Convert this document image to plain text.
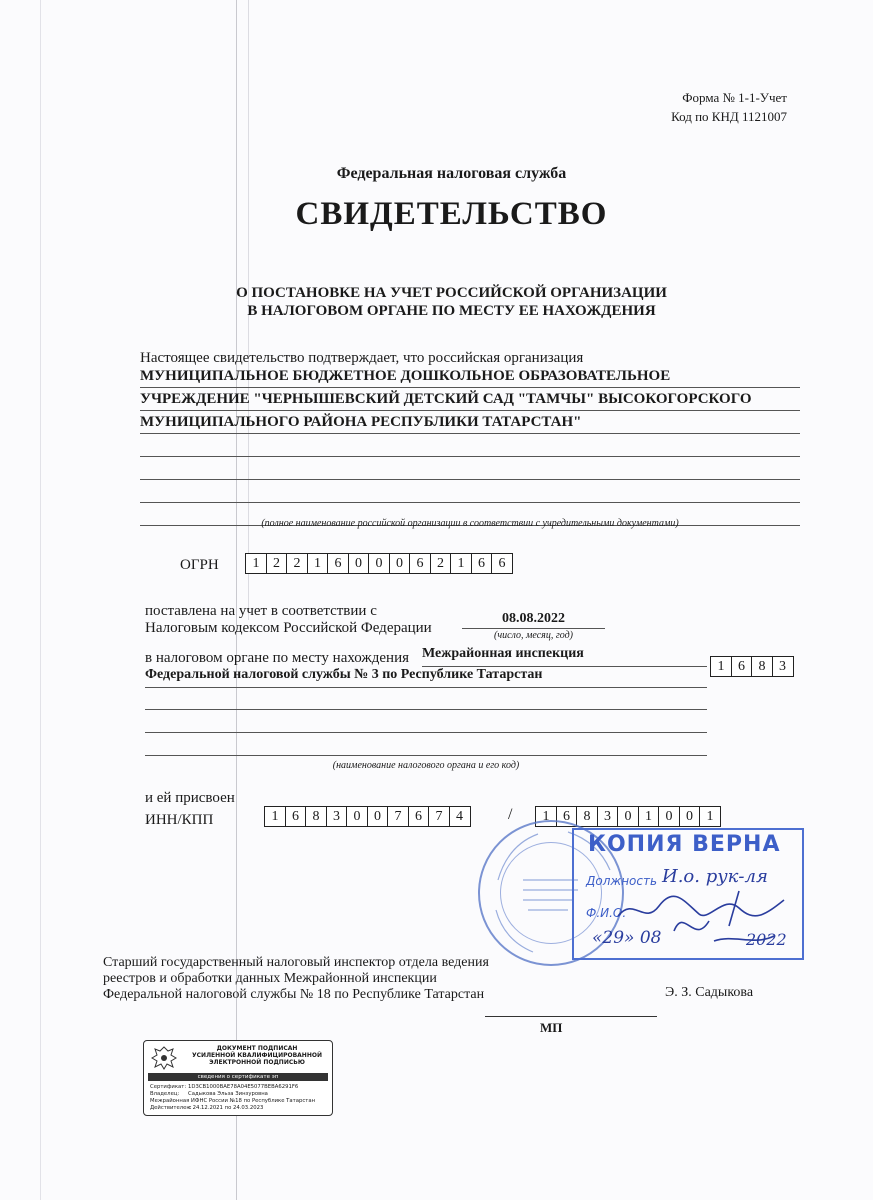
Форма № 1-1-Учет
Код по КНД 1121007
Федеральная налоговая служба
СВИДЕТЕЛЬСТВО
О ПОСТАНОВКЕ НА УЧЕТ РОССИЙСКОЙ ОРГАНИЗАЦИИ
В НАЛОГОВОМ ОРГАНЕ ПО МЕСТУ ЕЕ НАХОЖДЕНИЯ
Настоящее свидетельство подтверждает, что российская организация
МУНИЦИПАЛЬНОЕ БЮДЖЕТНОЕ ДОШКОЛЬНОЕ ОБРАЗОВАТЕЛЬНОЕ
УЧРЕЖДЕНИЕ "ЧЕРНЫШЕВСКИЙ ДЕТСКИЙ САД "ТАМЧЫ" ВЫСОКОГОРСКОГО
МУНИЦИПАЛЬНОГО РАЙОНА РЕСПУБЛИКИ ТАТАРСТАН"
(полное наименование российской организации в соответствии с учредительными документами)
ОГРН	1 2 2 1 6 0 0 0 6 2 1 6 6
поставлена на учет в соответствии с
Налоговым кодексом Российской Федерации
08.08.2022
(число, месяц, год)
в налоговом органе по месту нахождения Межрайонная инспекция
Федеральной налоговой службы № 3 по Республике Татарстан
1 6 8 3
(наименование налогового органа и его код)
и ей присвоен
ИНН/КПП	1 6 8 3 0 0 7 6 7 4	/	1 6 8 3 0 1 0 0 1
КОПИЯ ВЕРНА
Должность
Ф.И.О.
И.о. рук-ля
«29» 08	2022
Старший государственный налоговый инспектор отдела ведения реестров и обработки данных Межрайонной инспекции Федеральной налоговой службы № 18 по Республике Татарстан	Э. З. Садыкова
МП
ДОКУМЕНТ ПОДПИСАН
УСИЛЕННОЙ КВАЛИФИЦИРОВАННОЙ
ЭЛЕКТРОННОЙ ПОДПИСЬЮ
сведения о сертификате эп
Сертификат: 1D3CB1000BAE78A04E5077BEBA6291F6
Владелец: Садыкова Эльза Зинзуровна
Межрайонная ИФНС России №18 по Республике Татарстан
Действителен:с 24.12.2021 по 24.03.2023
